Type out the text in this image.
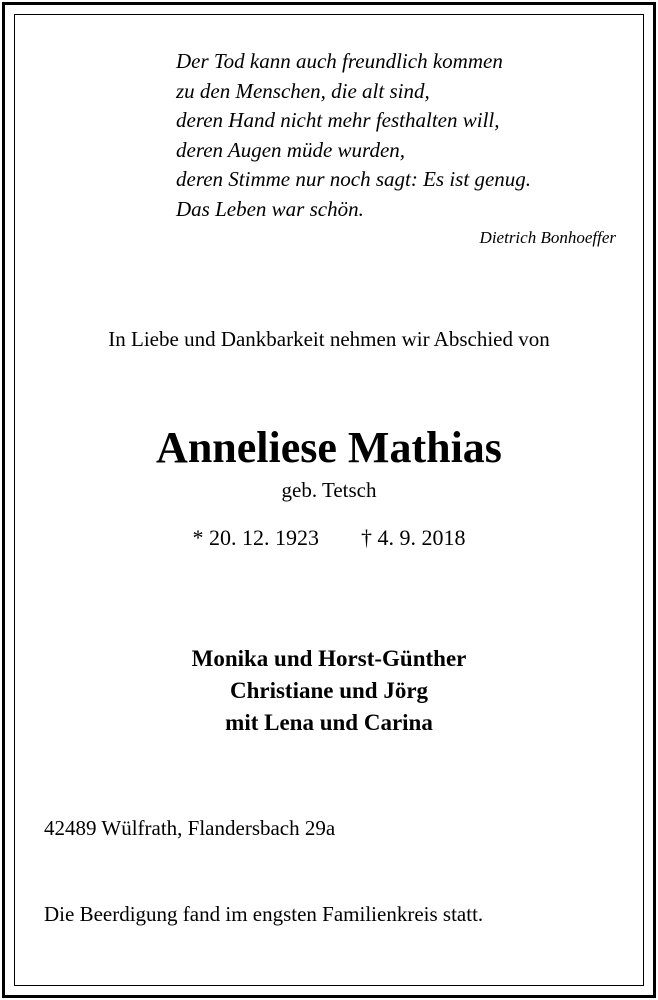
Der Tod kann auch freundlich kommen
zu den Menschen, die alt sind,
deren Hand nicht mehr festhalten will,
deren Augen müde wurden,
deren Stimme nur noch sagt: Es ist genug.
Das Leben war schön.
Dietrich Bonhoeffer
In Liebe und Dankbarkeit nehmen wir Abschied von
Anneliese Mathias
geb. Tetsch
* 20. 12. 1923 † 4. 9. 2018
Monika und Horst-Günther
Christiane und Jörg
mit Lena und Carina
42489 Wülfrath, Flandersbach 29a
Die Beerdigung fand im engsten Familienkreis statt.
